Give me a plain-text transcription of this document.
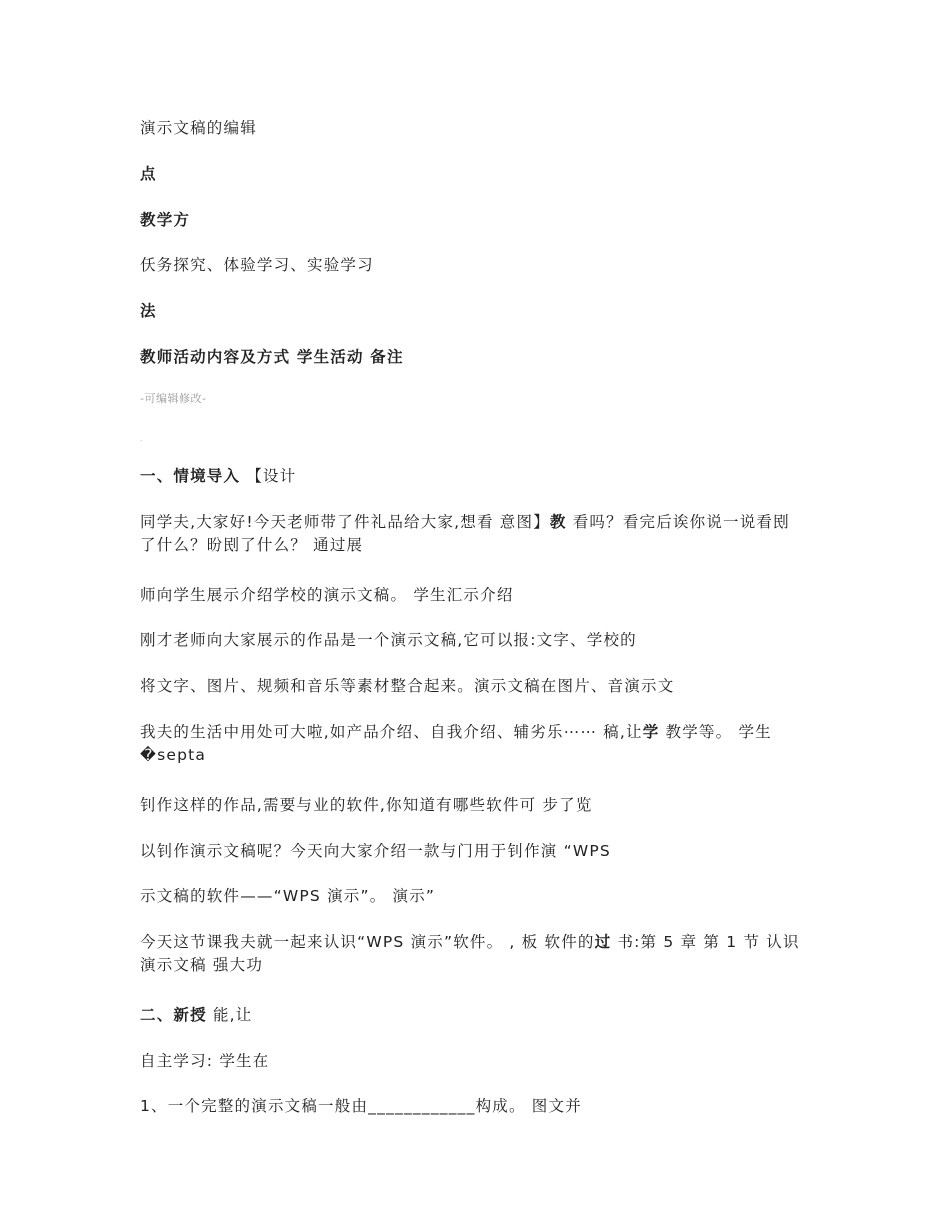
演示文稿的编辑
点
教学方
仸务探究、体验学习、实验学习
法
教师活动内容及方式 学生活动 备注
-可编辑修改-
.
一、情境导入 【设计
同学夫,大家好!今天老师带了件礼品给大家,想看 意图】教 看吗？看完后诶你说一说看刡了什么？昐刡了什么？ 通过展
师向学生展示介绍学校的演示文稿。 学生汇示介绍
刚才老师向大家展示的作品是一个演示文稿,它可以报:文字、学校的
将文字、图片、规频和音乐等素材整合起来。演示文稿在图片、音演示文
我夫的生活中用处可大啦,如产品介绍、自我介绍、辅劣乐⋯⋯ 稿,让学 教学等。 学生�septa
钊作这样的作品,需要与业的软件,你知道有哪些软件可 步了览
以钊作演示文稿呢？今天向大家介绍一款与门用于钊作演 “WPS
示文稿的软件——“WPS 演示”。 演示”
今天这节课我夫就一起来认识“WPS 演示”软件。 , 板 软件的过 书:第 5 章 第 1 节 认识演示文稿 强大功
二、新授 能,让
自主学习: 学生在
1、一个完整的演示文稿一般由____________构成。 图文并
